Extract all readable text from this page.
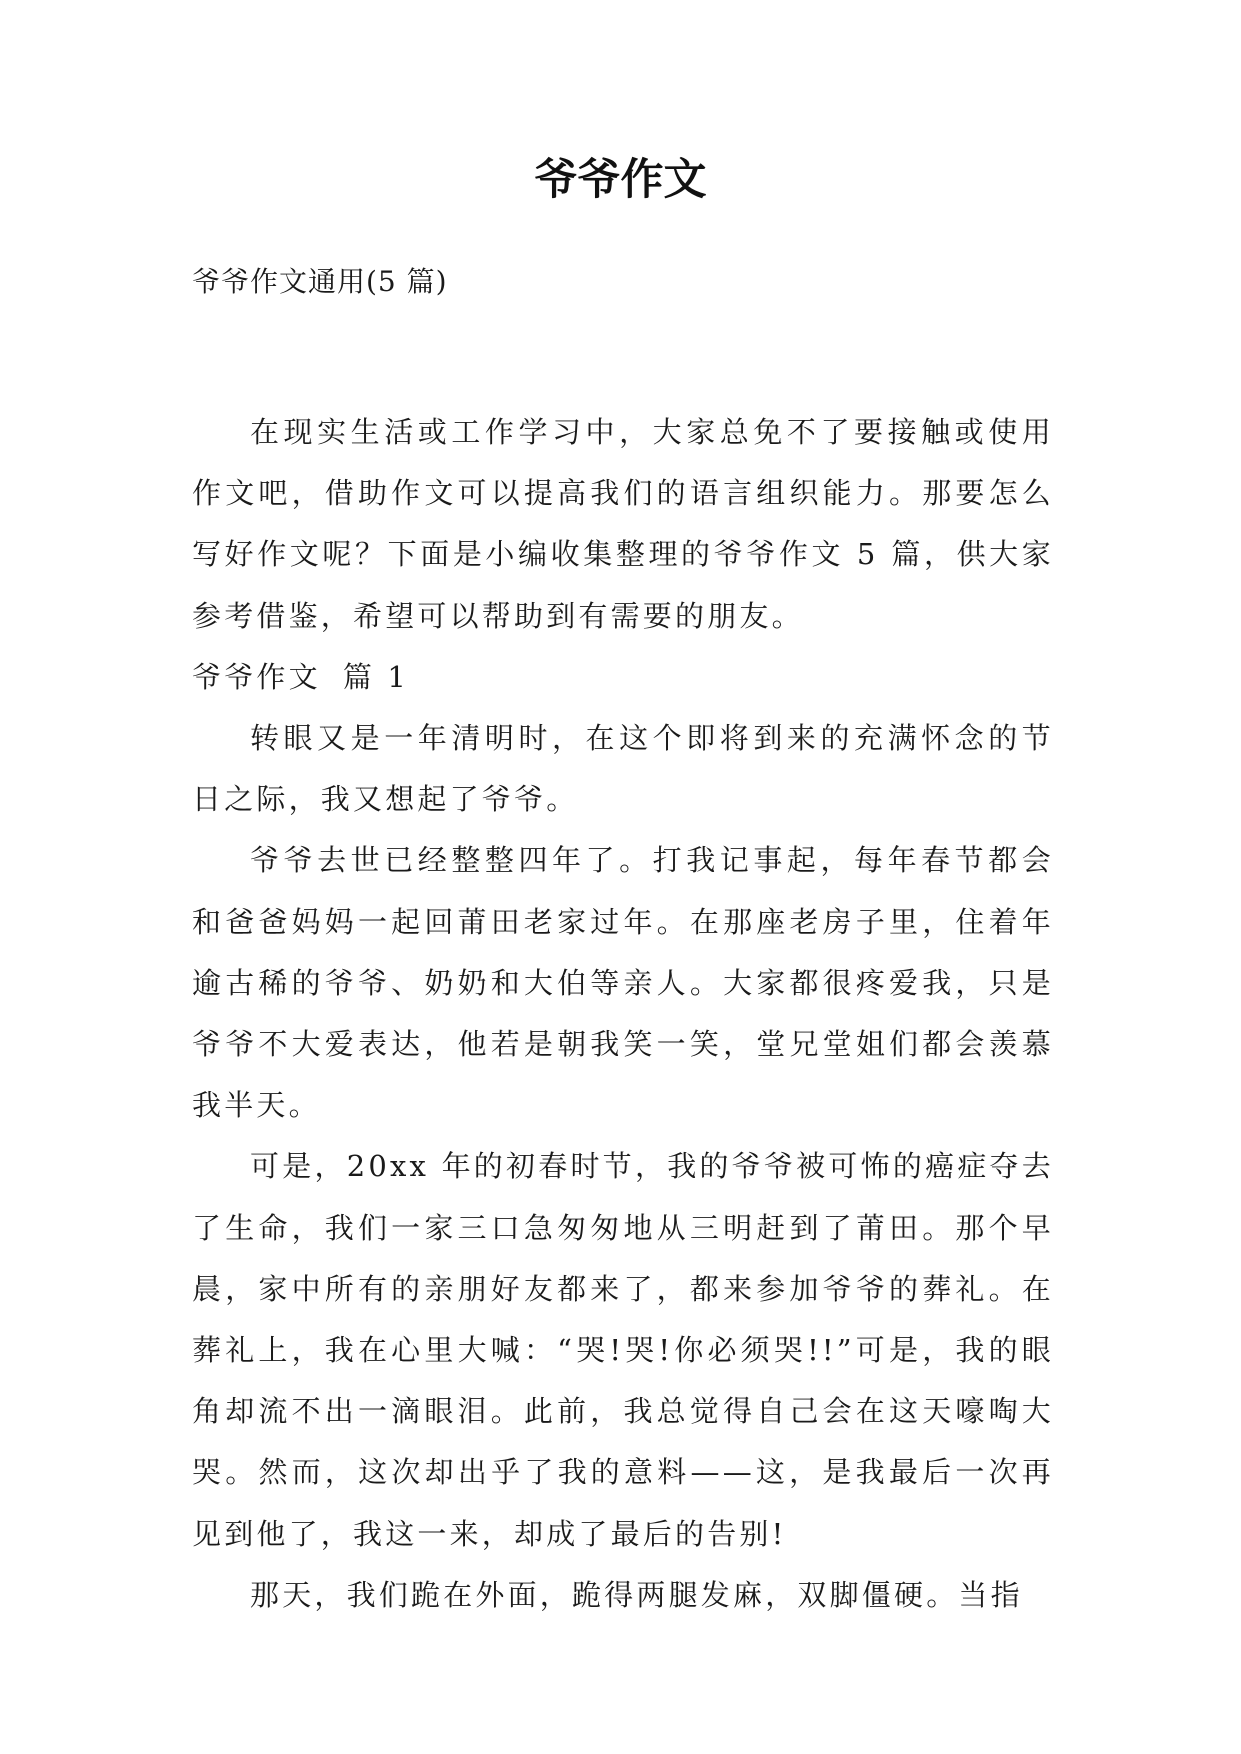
爷爷作文

爷爷作文通用(5 篇)

在现实生活或工作学习中，大家总免不了要接触或使用作文吧，借助作文可以提高我们的语言组织能力。那要怎么写好作文呢？下面是小编收集整理的爷爷作文 5 篇，供大家参考借鉴，希望可以帮助到有需要的朋友。

爷爷作文 篇 1

转眼又是一年清明时，在这个即将到来的充满怀念的节日之际，我又想起了爷爷。

爷爷去世已经整整四年了。打我记事起，每年春节都会和爸爸妈妈一起回莆田老家过年。在那座老房子里，住着年逾古稀的爷爷、奶奶和大伯等亲人。大家都很疼爱我，只是爷爷不大爱表达，他若是朝我笑一笑，堂兄堂姐们都会羡慕我半天。

可是，20xx 年的初春时节，我的爷爷被可怖的癌症夺去了生命，我们一家三口急匆匆地从三明赶到了莆田。那个早晨，家中所有的亲朋好友都来了，都来参加爷爷的葬礼。在葬礼上，我在心里大喊：“哭!哭!你必须哭!!”可是，我的眼角却流不出一滴眼泪。此前，我总觉得自己会在这天嚎啕大哭。然而，这次却出乎了我的意料——这，是我最后一次再见到他了，我这一来，却成了最后的告别!

那天，我们跪在外面，跪得两腿发麻，双脚僵硬。当指
